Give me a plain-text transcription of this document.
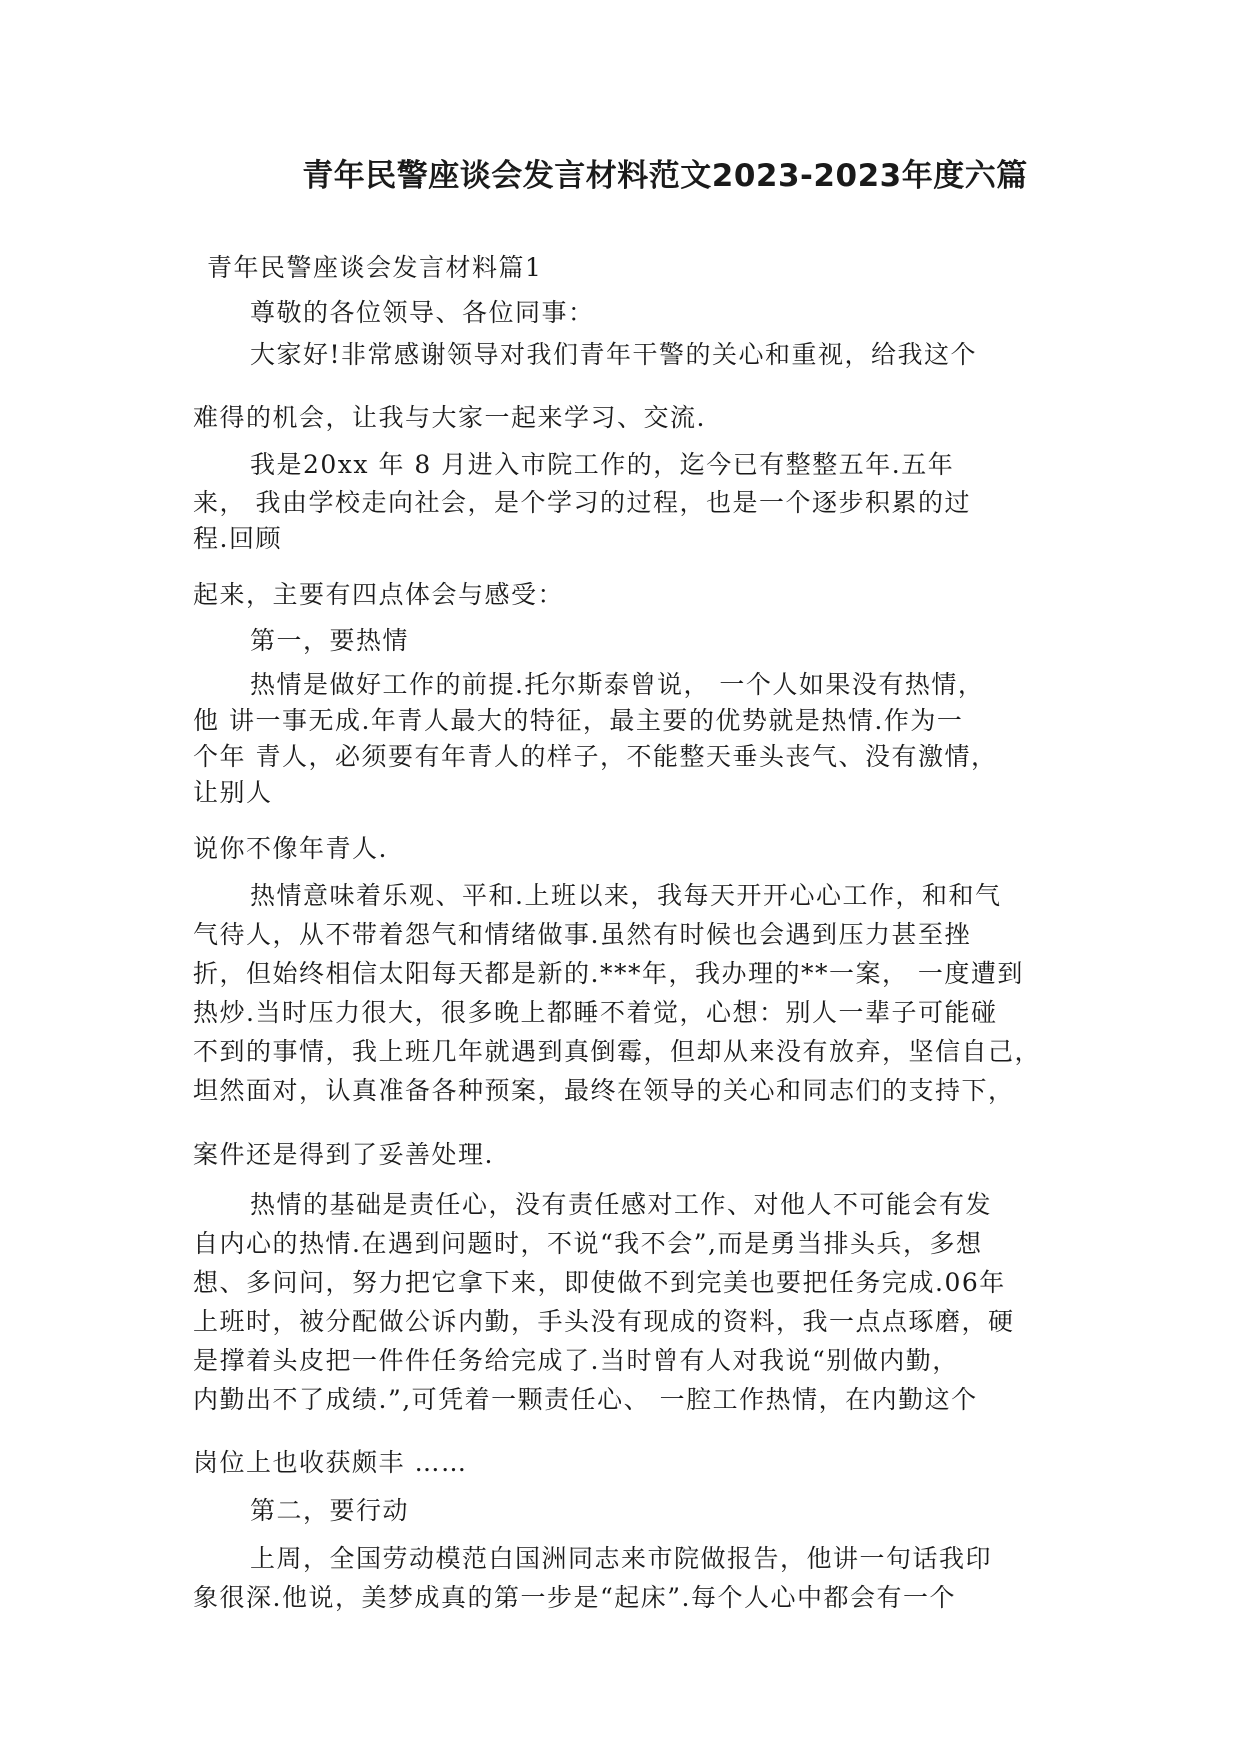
青年民警座谈会发言材料范文2023-2023年度六篇
青年民警座谈会发言材料篇1
尊敬的各位领导、各位同事：
大家好!非常感谢领导对我们青年干警的关心和重视，给我这个
难得的机会，让我与大家一起来学习、交流.
我是20xx 年 8 月进入市院工作的，迄今已有整整五年.五年
来， 我由学校走向社会，是个学习的过程，也是一个逐步积累的过
程.回顾
起来，主要有四点体会与感受：
第一，要热情
热情是做好工作的前提.托尔斯泰曾说， 一个人如果没有热情，
他 讲一事无成.年青人最大的特征，最主要的优势就是热情.作为一
个年 青人，必须要有年青人的样子，不能整天垂头丧气、没有激情，
让别人
说你不像年青人.
热情意味着乐观、平和.上班以来，我每天开开心心工作，和和气
气待人，从不带着怨气和情绪做事.虽然有时候也会遇到压力甚至挫
折，但始终相信太阳每天都是新的.***年，我办理的**一案， 一度遭到
热炒.当时压力很大，很多晚上都睡不着觉，心想：别人一辈子可能碰
不到的事情，我上班几年就遇到真倒霉，但却从来没有放弃，坚信自己，
坦然面对，认真准备各种预案，最终在领导的关心和同志们的支持下，
案件还是得到了妥善处理.
热情的基础是责任心，没有责任感对工作、对他人不可能会有发
自内心的热情.在遇到问题时，不说“我不会”,而是勇当排头兵，多想
想、多问问，努力把它拿下来，即使做不到完美也要把任务完成.06年
上班时，被分配做公诉内勤，手头没有现成的资料，我一点点琢磨，硬
是撑着头皮把一件件任务给完成了.当时曾有人对我说“别做内勤，
内勤出不了成绩.”,可凭着一颗责任心、 一腔工作热情，在内勤这个
岗位上也收获颇丰 ……
第二，要行动
上周，全国劳动模范白国洲同志来市院做报告，他讲一句话我印
象很深.他说，美梦成真的第一步是“起床”.每个人心中都会有一个
